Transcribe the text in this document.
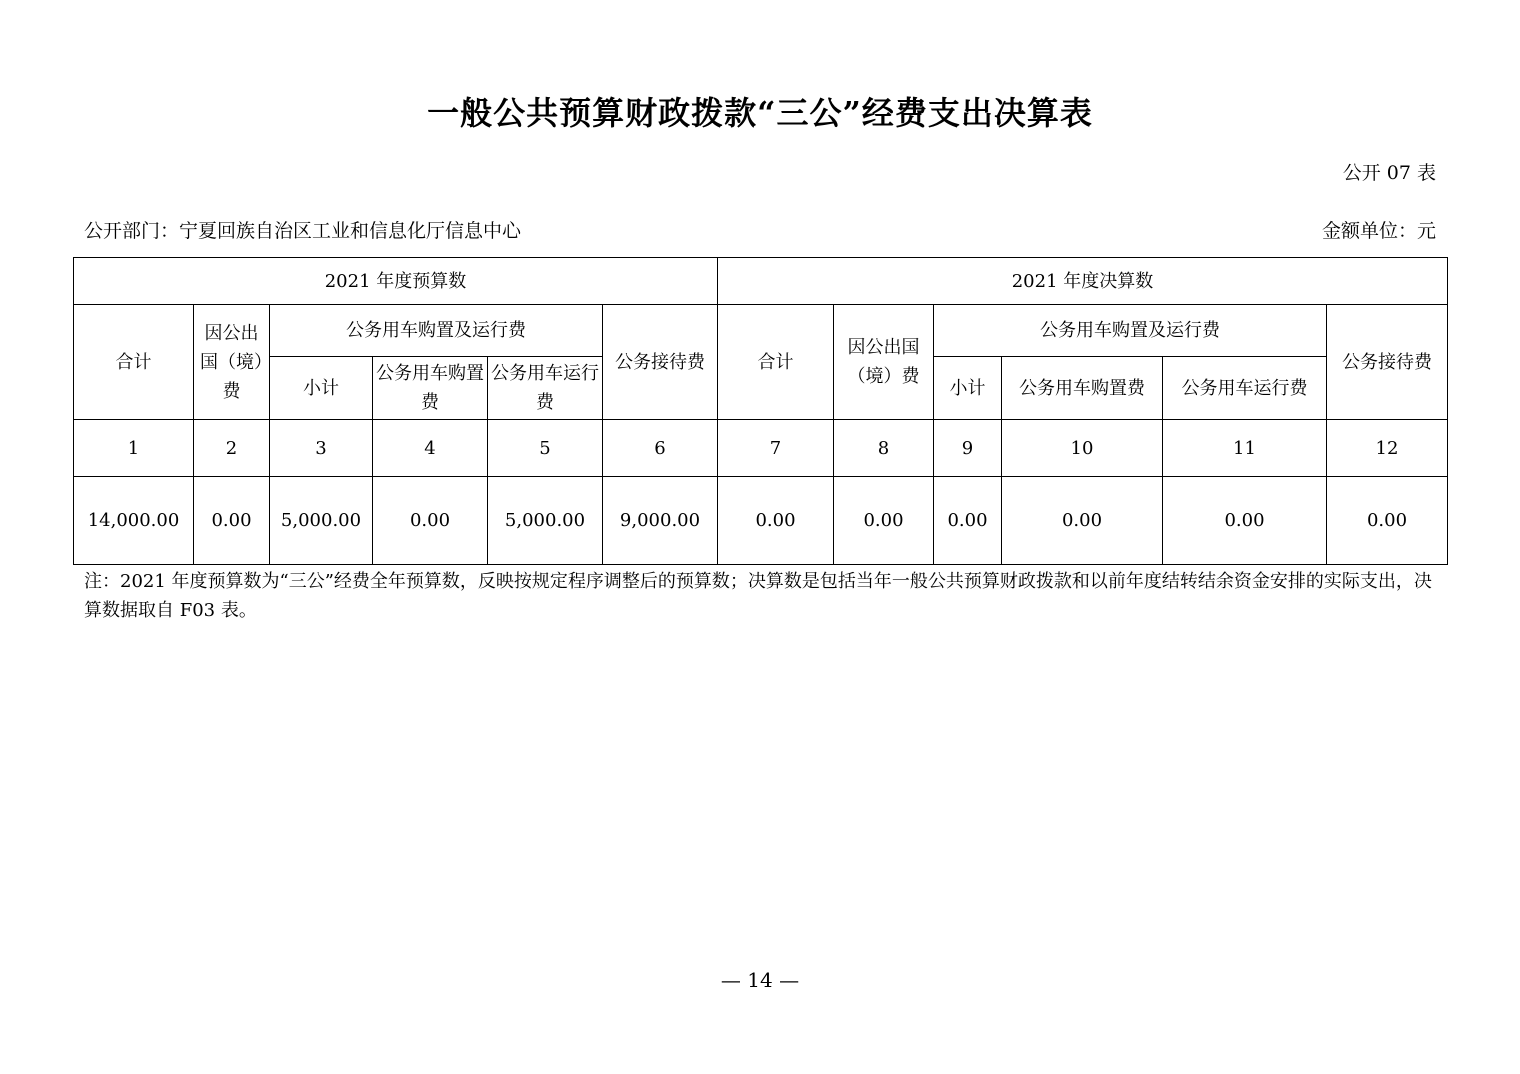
一般公共预算财政拨款“三公”经费支出决算表
公开 07 表
公开部门：宁夏回族自治区工业和信息化厅信息中心	金额单位：元
2021 年度预算数						2021 年度决算数					
合计	因公出国（境）费	公务用车购置及运行费			公务接待费	合计	因公出国（境）费	公务用车购置及运行费			公务接待费
		小计	公务用车购置费	公务用车运行费				小计	公务用车购置费	公务用车运行费	
1	2	3	4	5	6	7	8	9	10	11	12
14,000.00	0.00	5,000.00	0.00	5,000.00	9,000.00	0.00	0.00	0.00	0.00	0.00	0.00
注：2021 年度预算数为“三公”经费全年预算数，反映按规定程序调整后的预算数；决算数是包括当年一般公共预算财政拨款和以前年度结转结余资金安排的实际支出，决算数据取自 F03 表。
— 14 —
